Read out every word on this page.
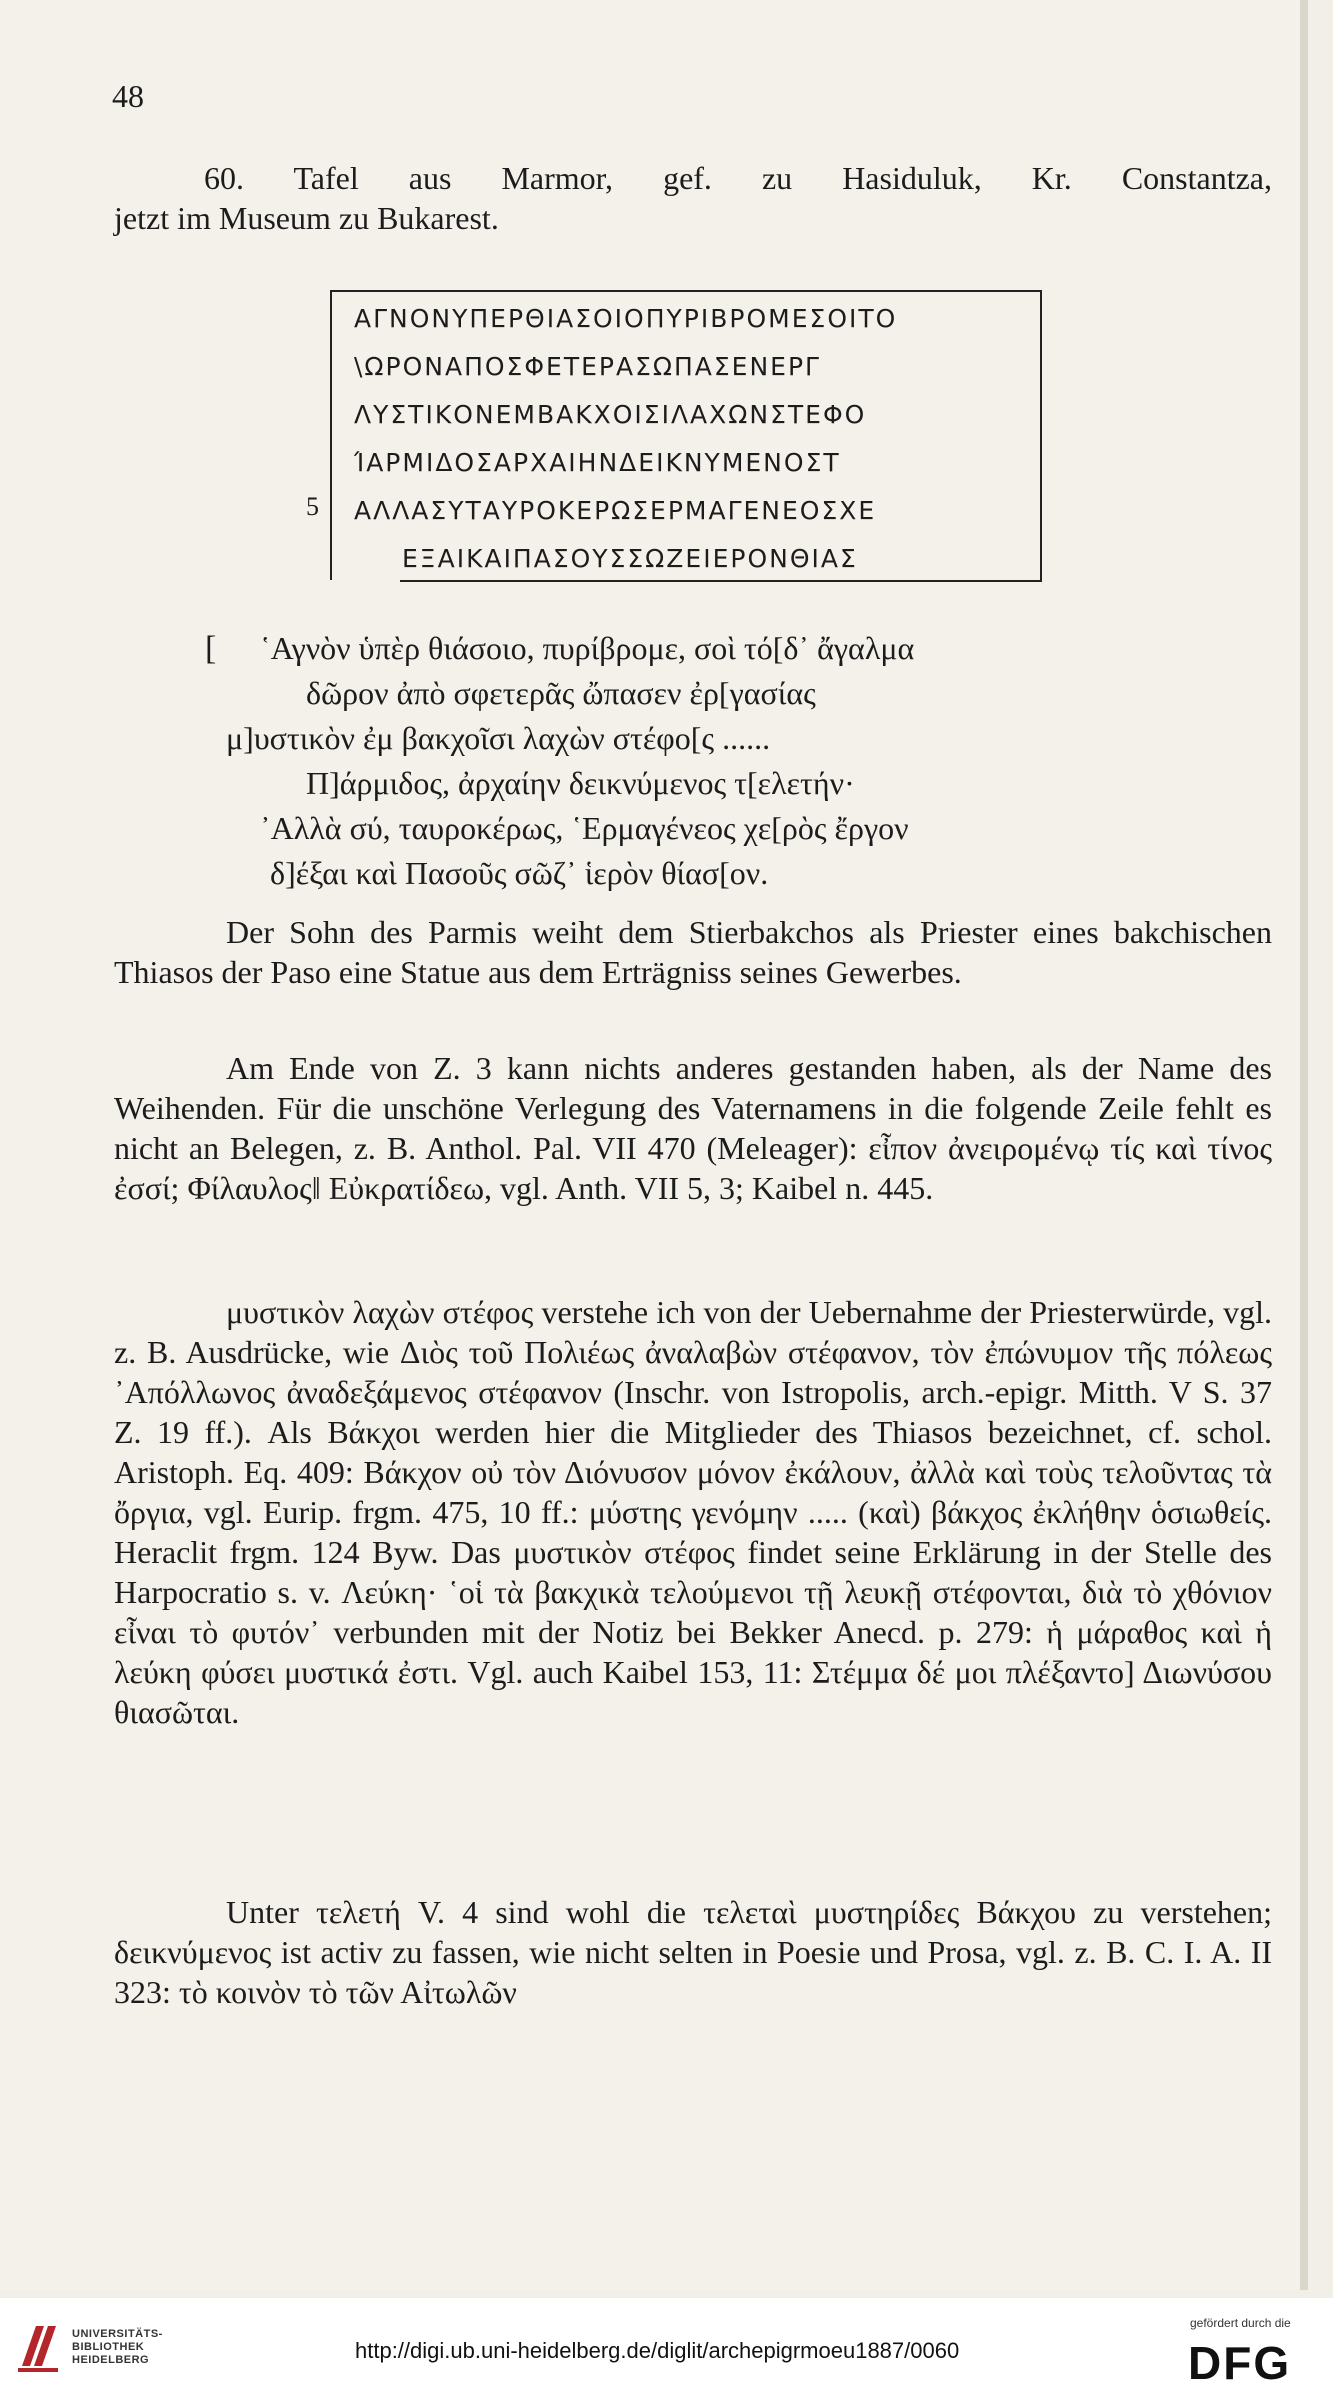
48
60. Tafel aus Marmor, gef. zu Hasiduluk, Kr. Constantza,
jetzt im Museum zu Bukarest.
ΑΓΝΟΝΥΠΕΡΘΙΑΣΟΙΟΠΥΡΙΒΡΟΜΕΣΟΙΤΟ
\ΩΡΟΝΑΠΟΣΦΕΤΕΡΑΣΩΠΑΣΕΝΕΡΓ
ΛΥΣΤΙΚΟΝΕΜΒΑΚΧΟΙΣΙΛΑΧΩΝΣΤΕΦΟ
ΊΑΡΜΙΔΟΣΑΡΧΑΙΗΝΔΕΙΚΝΥΜΕΝΟΣΤ
ΑΛΛΑΣΥΤΑΥΡΟΚΕΡΩΣΕΡΜΑΓΕΝΕΟΣΧΕ
ΕΞΑΙΚΑΙΠΑΣΟΥΣΣΩΖΕΙΕΡΟΝΘΙΑΣ
5
[ ῾Αγνὸν ὑπὲρ θιάσοιο, πυρίβρομε, σοὶ τό[δ᾽ ἄγαλμα
δῶρον ἀπὸ σφετερᾶς ὤπασεν ἐρ[γασίας
μ]υστικὸν ἐμ βακχοῖσι λαχὼν στέφο[ς ......
Π]άρμιδος, ἀρχαίην δεικνύμενος τ[ελετήν·
᾿Αλλὰ σύ, ταυροκέρως, ῾Ερμαγένεος χε[ρὸς ἔργον
δ]έξαι καὶ Πασοῦς σῶζ᾽ ἱερὸν θίασ[ον.
Der Sohn des Parmis weiht dem Stierbakchos als Priester eines bakchischen Thiasos der Paso eine Statue aus dem Erträgniss seines Gewerbes.
Am Ende von Z. 3 kann nichts anderes gestanden haben, als der Name des Weihenden. Für die unschöne Verlegung des Vaternamens in die folgende Zeile fehlt es nicht an Belegen, z. B. Anthol. Pal. VII 470 (Meleager): εἶπον ἀνειρομένῳ τίς καὶ τίνος ἐσσί; Φίλαυλος‖ Εὐκρατίδεω, vgl. Anth. VII 5, 3; Kaibel n. 445.
μυστικὸν λαχὼν στέφος verstehe ich von der Uebernahme der Priesterwürde, vgl. z. B. Ausdrücke, wie Διὸς τοῦ Πολιέως ἀναλαβὼν στέφανον, τὸν ἐπώνυμον τῆς πόλεως ᾿Απόλλωνος ἀναδεξάμενος στέφανον (Inschr. von Istropolis, arch.-epigr. Mitth. V S. 37 Z. 19 ff.). Als Βάκχοι werden hier die Mitglieder des Thiasos bezeichnet, cf. schol. Aristoph. Eq. 409: Βάκχον οὐ τὸν Διόνυσον μόνον ἐκάλουν, ἀλλὰ καὶ τοὺς τελοῦντας τὰ ὄργια, vgl. Eurip. frgm. 475, 10 ff.: μύστης γενόμην ..... (καὶ) βάκχος ἐκλήθην ὁσιωθείς. Heraclit frgm. 124 Byw. Das μυστικὸν στέφος findet seine Erklärung in der Stelle des Harpocratio s. v. Λεύκη· ῾οἱ τὰ βακχικὰ τελούμενοι τῇ λευκῇ στέφονται, διὰ τὸ χθόνιον εἶναι τὸ φυτόν᾽ verbunden mit der Notiz bei Bekker Anecd. p. 279: ἡ μάραθος καὶ ἡ λεύκη φύσει μυστικά ἐστι. Vgl. auch Kaibel 153, 11: Στέμμα δέ μοι πλέξαντο] Διωνύσου θιασῶται.
Unter τελετή V. 4 sind wohl die τελεταὶ μυστηρίδες Βάκχου zu verstehen; δεικνύμενος ist activ zu fassen, wie nicht selten in Poesie und Prosa, vgl. z. B. C. I. A. II 323: τὸ κοινὸν τὸ τῶν Αἰτωλῶν
UNIVERSITÄTS-
BIBLIOTHEK
HEIDELBERG	http://digi.ub.uni-heidelberg.de/diglit/archepigrmoeu1887/0060
gefördert durch die
DFG
